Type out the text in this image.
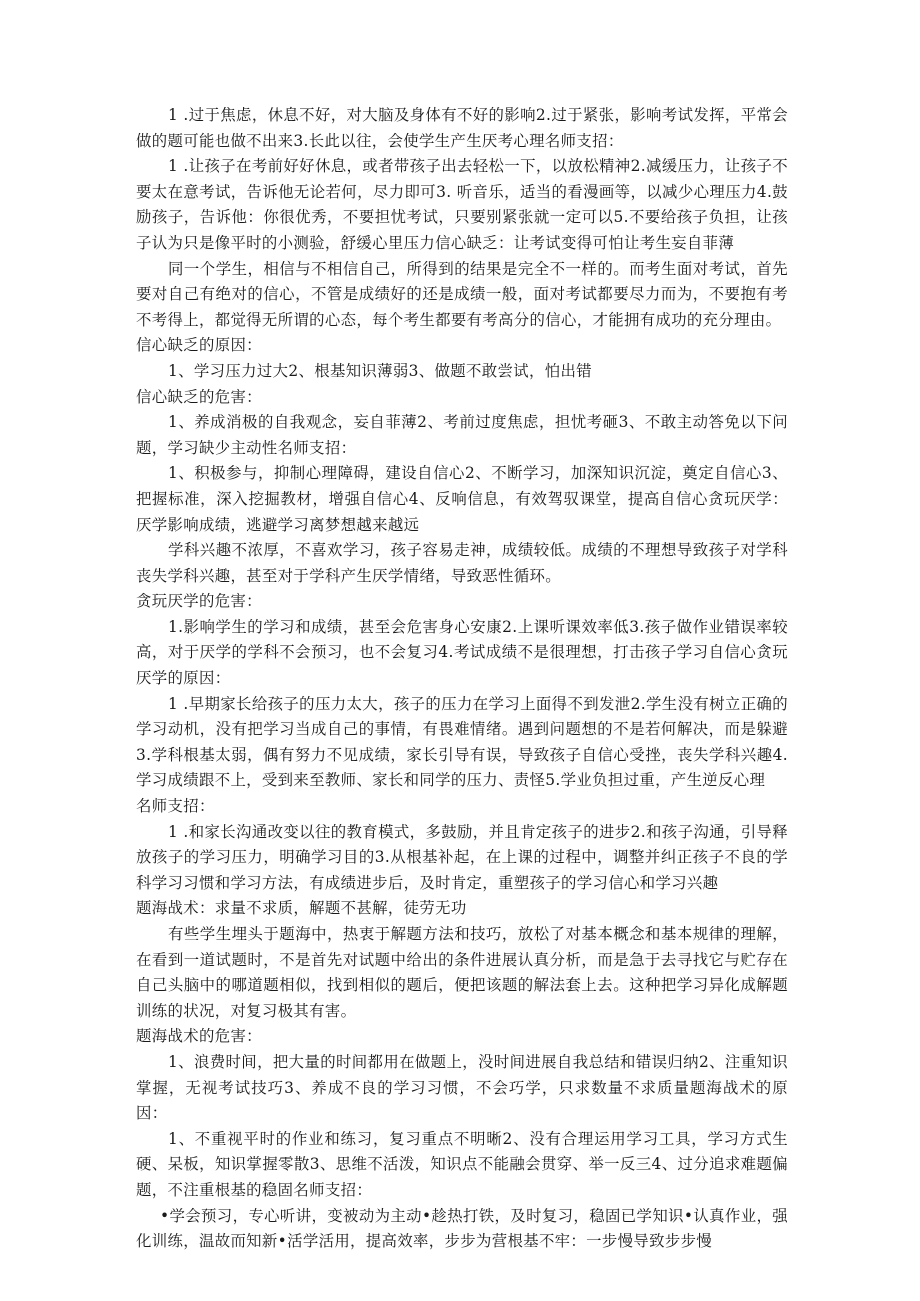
1 .过于焦虑，休息不好，对大脑及身体有不好的影响2.过于紧张，影响考试发挥，平常会做的题可能也做不出来3.长此以往，会使学生产生厌考心理名师支招：

1 .让孩子在考前好好休息，或者带孩子出去轻松一下，以放松精神2.减缓压力，让孩子不要太在意考试，告诉他无论若何，尽力即可3. 听音乐，适当的看漫画等，以减少心理压力4.鼓励孩子，告诉他：你很优秀，不要担忧考试，只要别紧张就一定可以5.不要给孩子负担，让孩子认为只是像平时的小测验，舒缓心里压力信心缺乏：让考试变得可怕让考生妄自菲薄

同一个学生，相信与不相信自己，所得到的结果是完全不一样的。而考生面对考试，首先要对自己有绝对的信心，不管是成绩好的还是成绩一般，面对考试都要尽力而为，不要抱有考不考得上，都觉得无所谓的心态，每个考生都要有考高分的信心，才能拥有成功的充分理由。

信心缺乏的原因：

1、学习压力过大2、根基知识薄弱3、做题不敢尝试，怕出错

信心缺乏的危害：

1、养成消极的自我观念，妄自菲薄2、考前过度焦虑，担忧考砸3、不敢主动答免以下问题，学习缺少主动性名师支招：

1、积极参与，抑制心理障碍，建设自信心2、不断学习，加深知识沉淀，奠定自信心3、把握标准，深入挖掘教材，增强自信心4、反响信息，有效驾驭课堂，提高自信心贪玩厌学：厌学影响成绩，逃避学习离梦想越来越远

学科兴趣不浓厚，不喜欢学习，孩子容易走神，成绩较低。成绩的不理想导致孩子对学科丧失学科兴趣，甚至对于学科产生厌学情绪，导致恶性循环。

贪玩厌学的危害：

1.影响学生的学习和成绩，甚至会危害身心安康2.上课听课效率低3.孩子做作业错误率较高，对于厌学的学科不会预习，也不会复习4.考试成绩不是很理想，打击孩子学习自信心贪玩厌学的原因：

1 .早期家长给孩子的压力太大，孩子的压力在学习上面得不到发泄2.学生没有树立正确的学习动机，没有把学习当成自己的事情，有畏难情绪。遇到问题想的不是若何解决，而是躲避3.学科根基太弱，偶有努力不见成绩，家长引导有误，导致孩子自信心受挫，丧失学科兴趣4.学习成绩跟不上，受到来至教师、家长和同学的压力、责怪5.学业负担过重，产生逆反心理

名师支招：

1 .和家长沟通改变以往的教育模式，多鼓励，并且肯定孩子的进步2.和孩子沟通，引导释放孩子的学习压力，明确学习目的3.从根基补起，在上课的过程中，调整并纠正孩子不良的学科学习习惯和学习方法，有成绩进步后，及时肯定，重塑孩子的学习信心和学习兴趣

题海战术：求量不求质，解题不甚解，徒劳无功

有些学生埋头于题海中，热衷于解题方法和技巧，放松了对基本概念和基本规律的理解，在看到一道试题时，不是首先对试题中给出的条件进展认真分析，而是急于去寻找它与贮存在自己头脑中的哪道题相似，找到相似的题后，便把该题的解法套上去。这种把学习异化成解题训练的状况，对复习极其有害。

题海战术的危害：

1、浪费时间，把大量的时间都用在做题上，没时间进展自我总结和错误归纳2、注重知识掌握，无视考试技巧3、养成不良的学习习惯，不会巧学，只求数量不求质量题海战术的原因：

1、不重视平时的作业和练习，复习重点不明晰2、没有合理运用学习工具，学习方式生硬、呆板，知识掌握零散3、思维不活泼，知识点不能融会贯穿、举一反三4、过分追求难题偏题，不注重根基的稳固名师支招：

•学会预习，专心听讲，变被动为主动•趁热打铁，及时复习，稳固已学知识•认真作业，强化训练，温故而知新•活学活用，提高效率，步步为营根基不牢：一步慢导致步步慢
